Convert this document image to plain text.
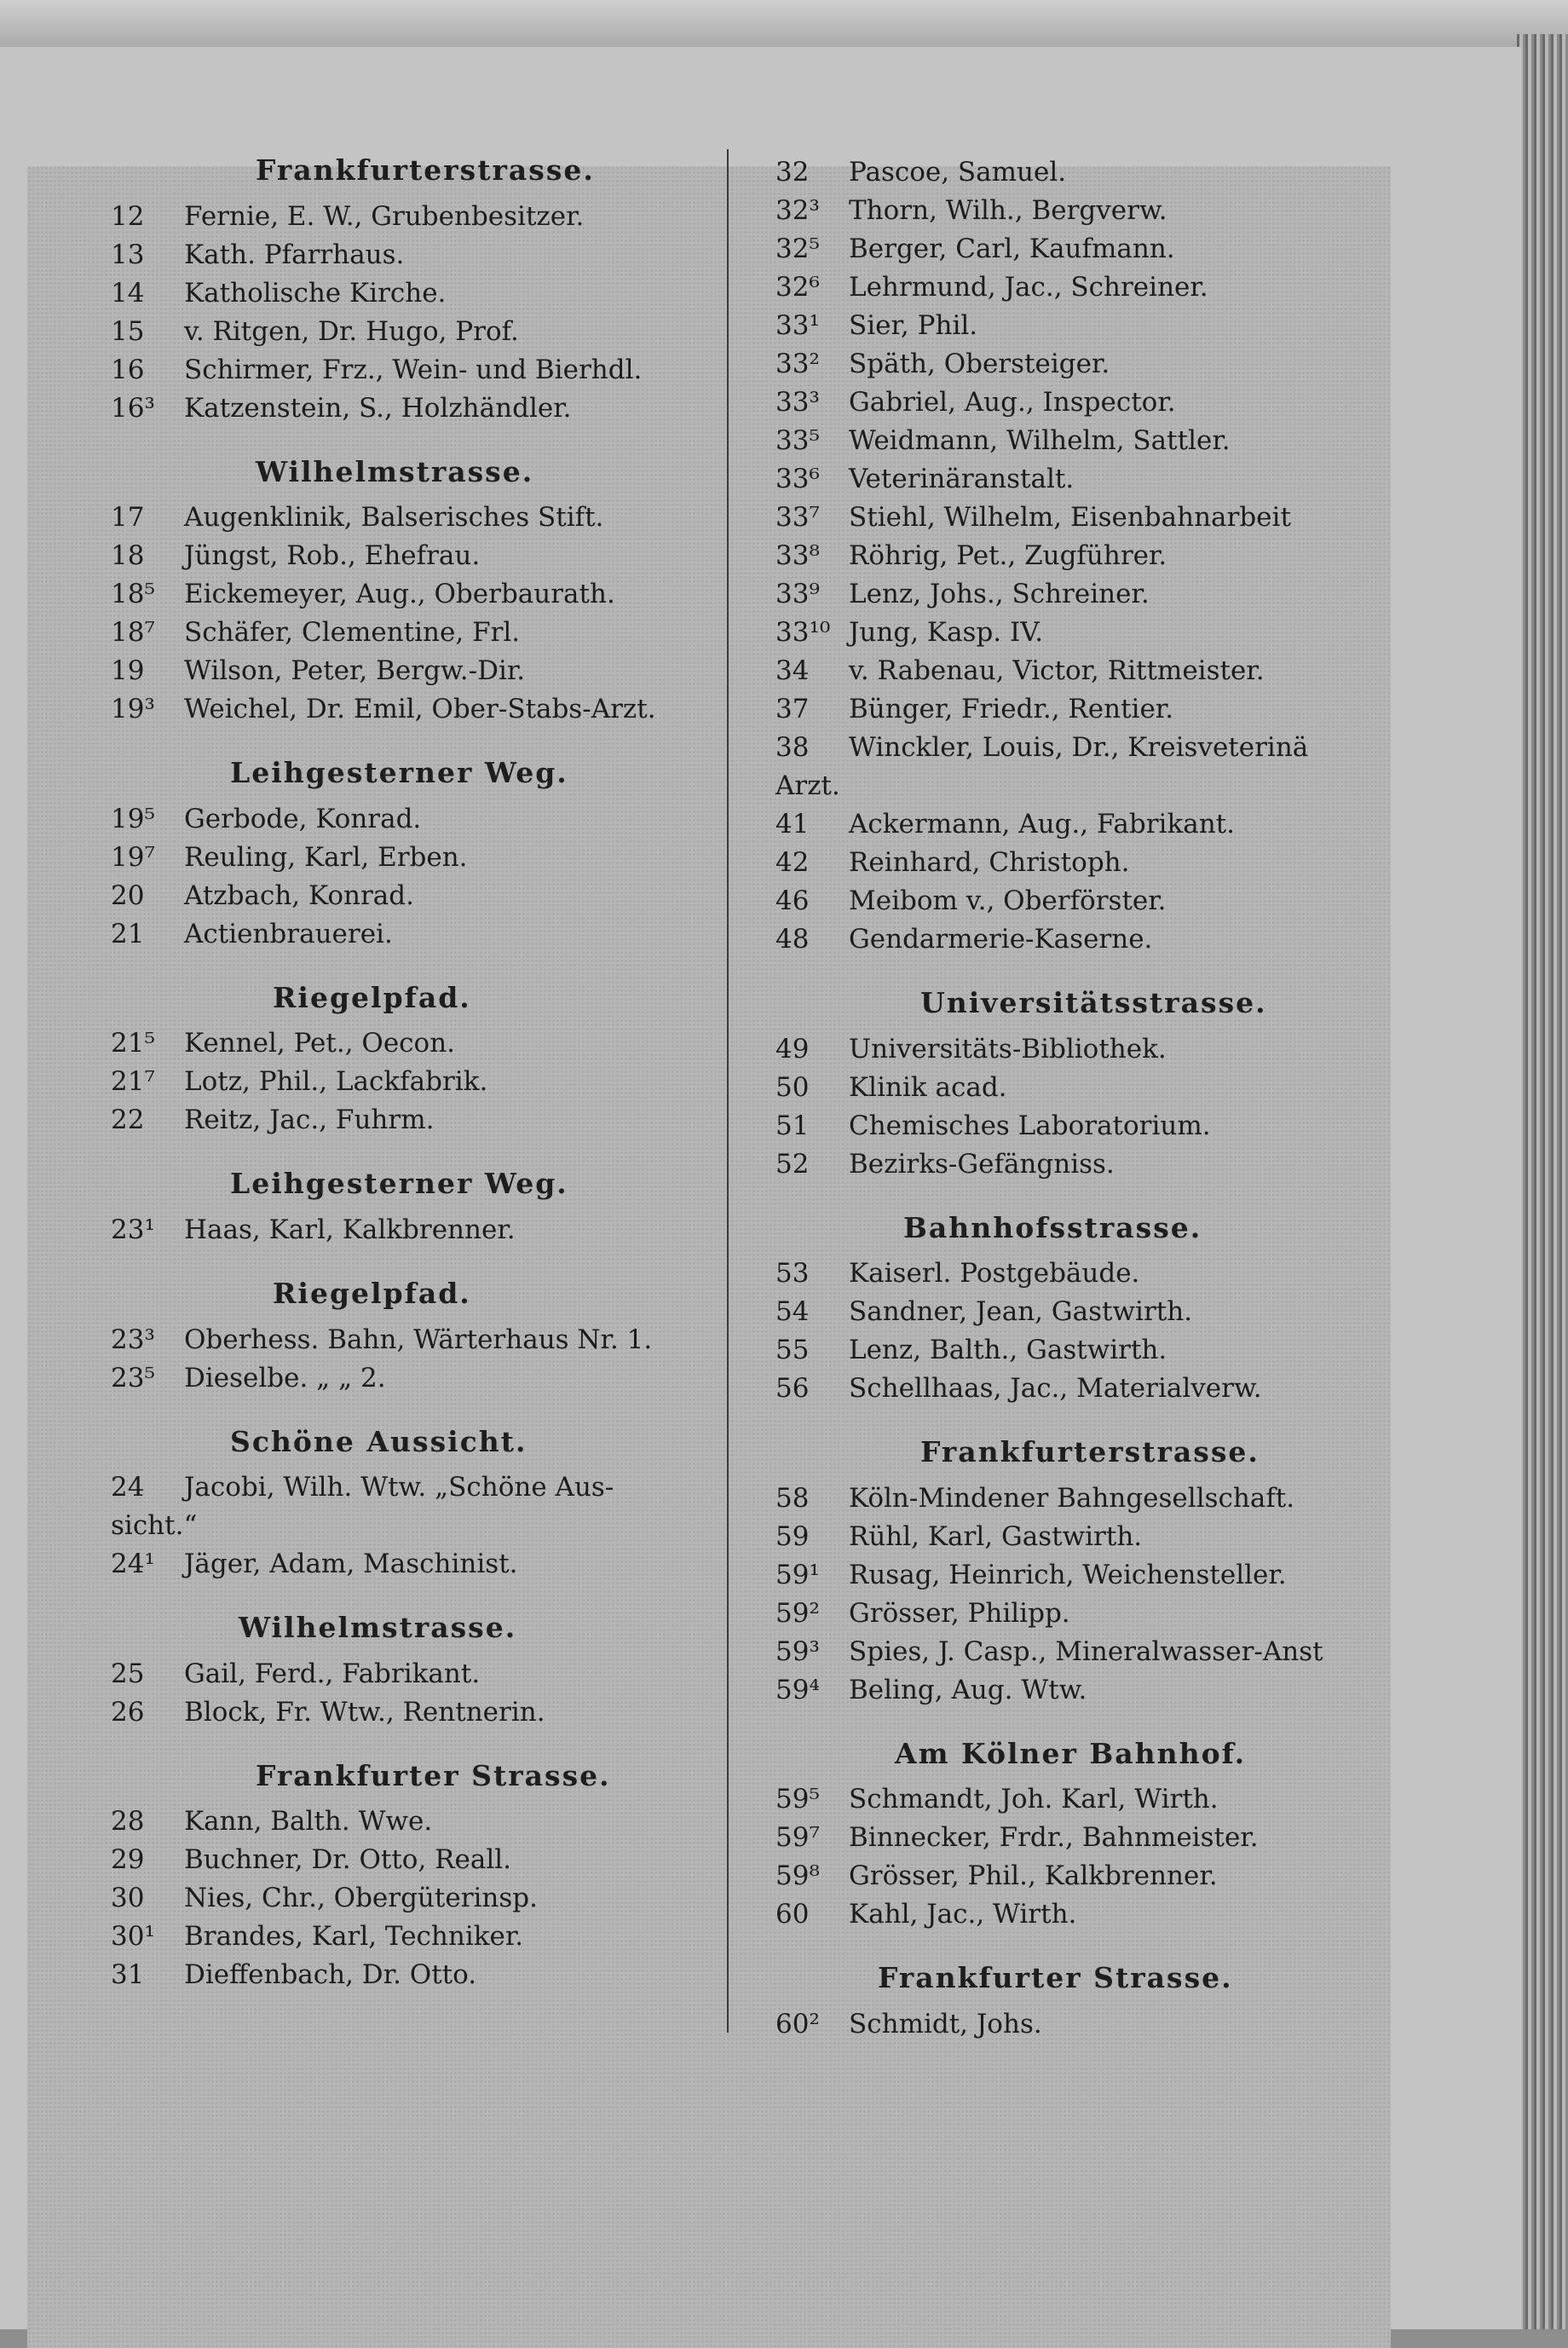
Frankfurterstrasse.
12 Fernie, E. W., Grubenbesitzer.
13 Kath. Pfarrhaus.
14 Katholische Kirche.
15 v. Ritgen, Dr. Hugo, Prof.
16 Schirmer, Frz., Wein- und Bierhdl.
16³ Katzenstein, S., Holzhändler.
Wilhelmstrasse.
17 Augenklinik, Balserisches Stift.
18 Jüngst, Rob., Ehefrau.
18⁵ Eickemeyer, Aug., Oberbaurath.
18⁷ Schäfer, Clementine, Frl.
19 Wilson, Peter, Bergw.-Dir.
19³ Weichel, Dr. Emil, Ober-Stabs-Arzt.
Leihgesterner Weg.
19⁵ Gerbode, Konrad.
19⁷ Reuling, Karl, Erben.
20 Atzbach, Konrad.
21 Actienbrauerei.
Riegelpfad.
21⁵ Kennel, Pet., Oecon.
21⁷ Lotz, Phil., Lackfabrik.
22 Reitz, Jac., Fuhrm.
Leihgesterner Weg.
23¹ Haas, Karl, Kalkbrenner.
Riegelpfad.
23³ Oberhess. Bahn, Wärterhaus Nr. 1.
23⁵ Dieselbe. „ „ 2.
Schöne Aussicht.
24 Jacobi, Wilh. Wtw. „Schöne Aus-
sicht.“
24¹ Jäger, Adam, Maschinist.
Wilhelmstrasse.
25 Gail, Ferd., Fabrikant.
26 Block, Fr. Wtw., Rentnerin.
Frankfurter Strasse.
28 Kann, Balth. Wwe.
29 Buchner, Dr. Otto, Reall.
30 Nies, Chr., Obergüterinsp.
30¹ Brandes, Karl, Techniker.
31 Dieffenbach, Dr. Otto.
32 Pascoe, Samuel.
32³ Thorn, Wilh., Bergverw.
32⁵ Berger, Carl, Kaufmann.
32⁶ Lehrmund, Jac., Schreiner.
33¹ Sier, Phil.
33² Späth, Obersteiger.
33³ Gabriel, Aug., Inspector.
33⁵ Weidmann, Wilhelm, Sattler.
33⁶ Veterinäranstalt.
33⁷ Stiehl, Wilhelm, Eisenbahnarbeit
33⁸ Röhrig, Pet., Zugführer.
33⁹ Lenz, Johs., Schreiner.
33¹⁰ Jung, Kasp. IV.
34 v. Rabenau, Victor, Rittmeister.
37 Bünger, Friedr., Rentier.
38 Winckler, Louis, Dr., Kreisveterinä
Arzt.
41 Ackermann, Aug., Fabrikant.
42 Reinhard, Christoph.
46 Meibom v., Oberförster.
48 Gendarmerie-Kaserne.
Universitätsstrasse.
49 Universitäts-Bibliothek.
50 Klinik acad.
51 Chemisches Laboratorium.
52 Bezirks-Gefängniss.
Bahnhofsstrasse.
53 Kaiserl. Postgebäude.
54 Sandner, Jean, Gastwirth.
55 Lenz, Balth., Gastwirth.
56 Schellhaas, Jac., Materialverw.
Frankfurterstrasse.
58 Köln-Mindener Bahngesellschaft.
59 Rühl, Karl, Gastwirth.
59¹ Rusag, Heinrich, Weichensteller.
59² Grösser, Philipp.
59³ Spies, J. Casp., Mineralwasser-Anst
59⁴ Beling, Aug. Wtw.
Am Kölner Bahnhof.
59⁵ Schmandt, Joh. Karl, Wirth.
59⁷ Binnecker, Frdr., Bahnmeister.
59⁸ Grösser, Phil., Kalkbrenner.
60 Kahl, Jac., Wirth.
Frankfurter Strasse.
60² Schmidt, Johs.
